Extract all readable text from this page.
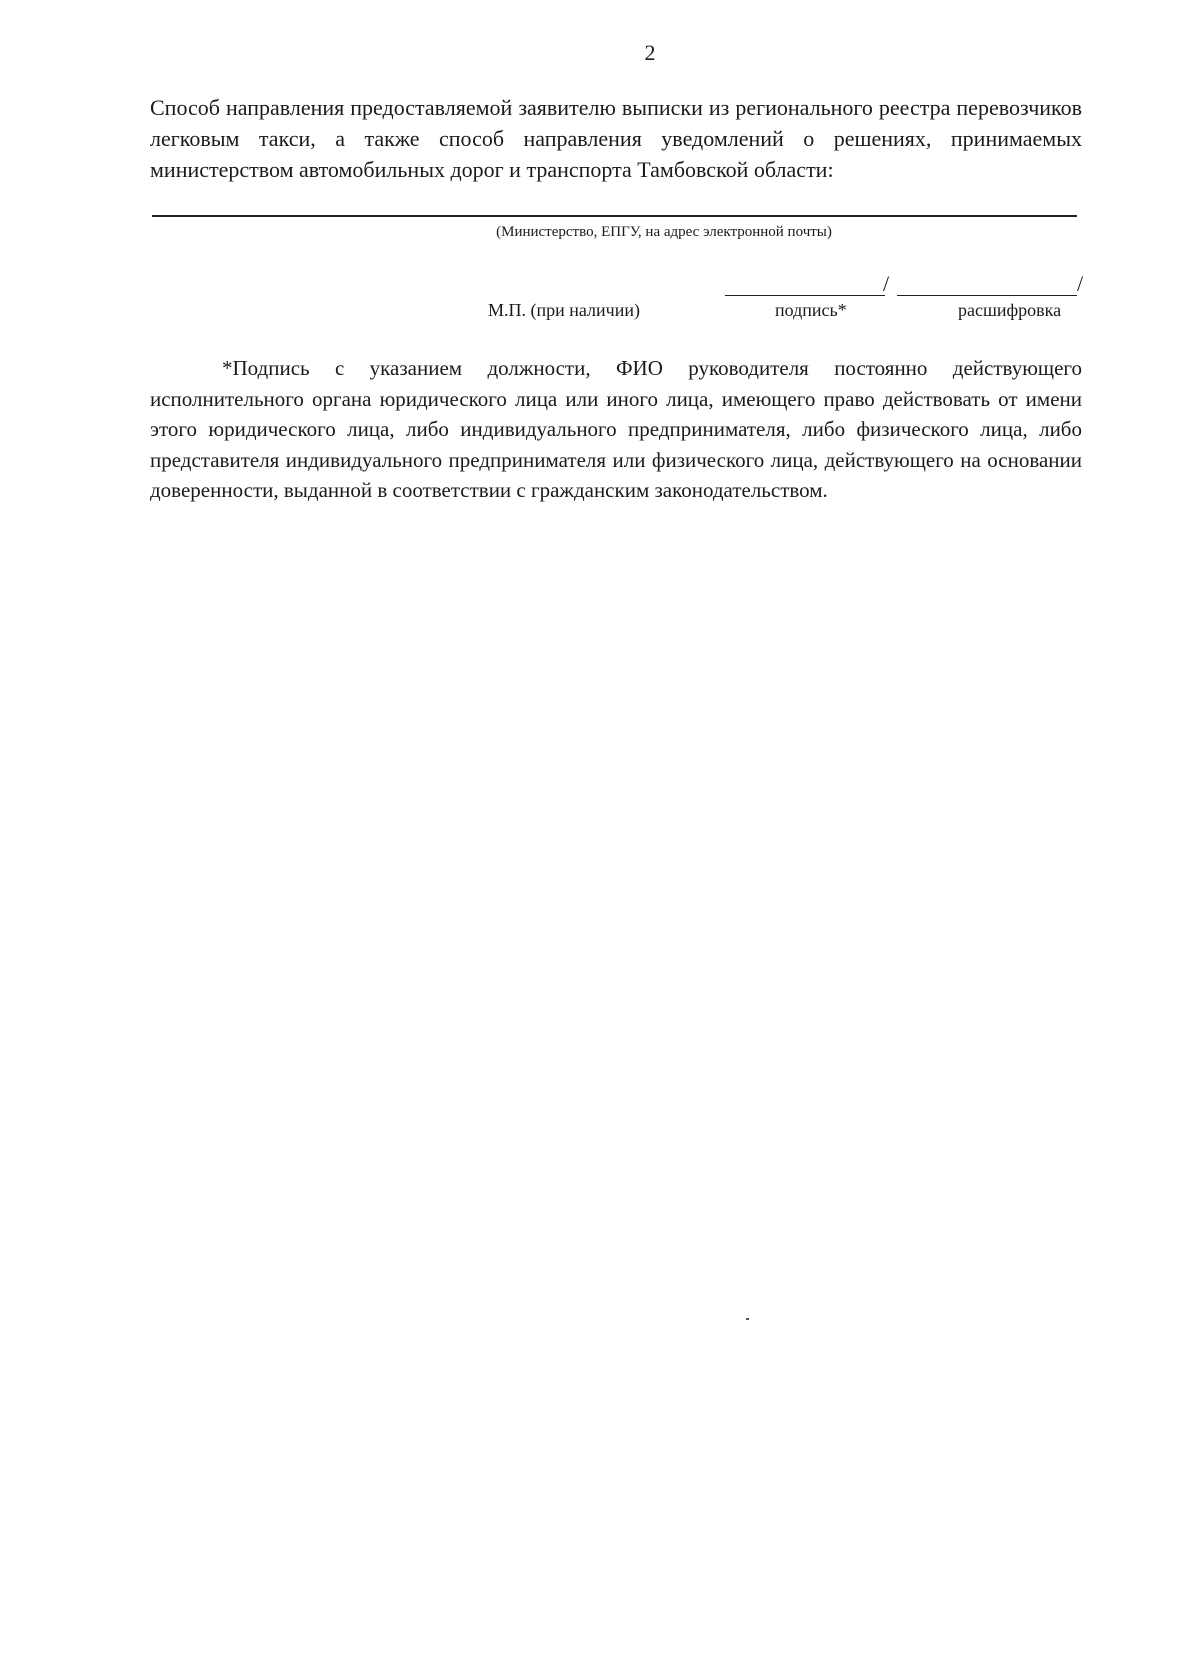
2
Способ направления предоставляемой заявителю выписки из регионального реестра перевозчиков легковым такси, а также способ направления уведомлений о решениях, принимаемых министерством автомобильных дорог и транспорта Тамбовской области:
(Министерство, ЕПГУ, на адрес электронной почты)
/	/
М.П. (при наличии)	подпись*	расшифровка
*Подпись с указанием должности, ФИО руководителя постоянно действующего исполнительного органа юридического лица или иного лица, имеющего право действовать от имени этого юридического лица, либо индивидуального предпринимателя, либо физического лица, либо представителя индивидуального предпринимателя или физического лица, действующего на основании доверенности, выданной в соответствии с гражданским законодательством.
